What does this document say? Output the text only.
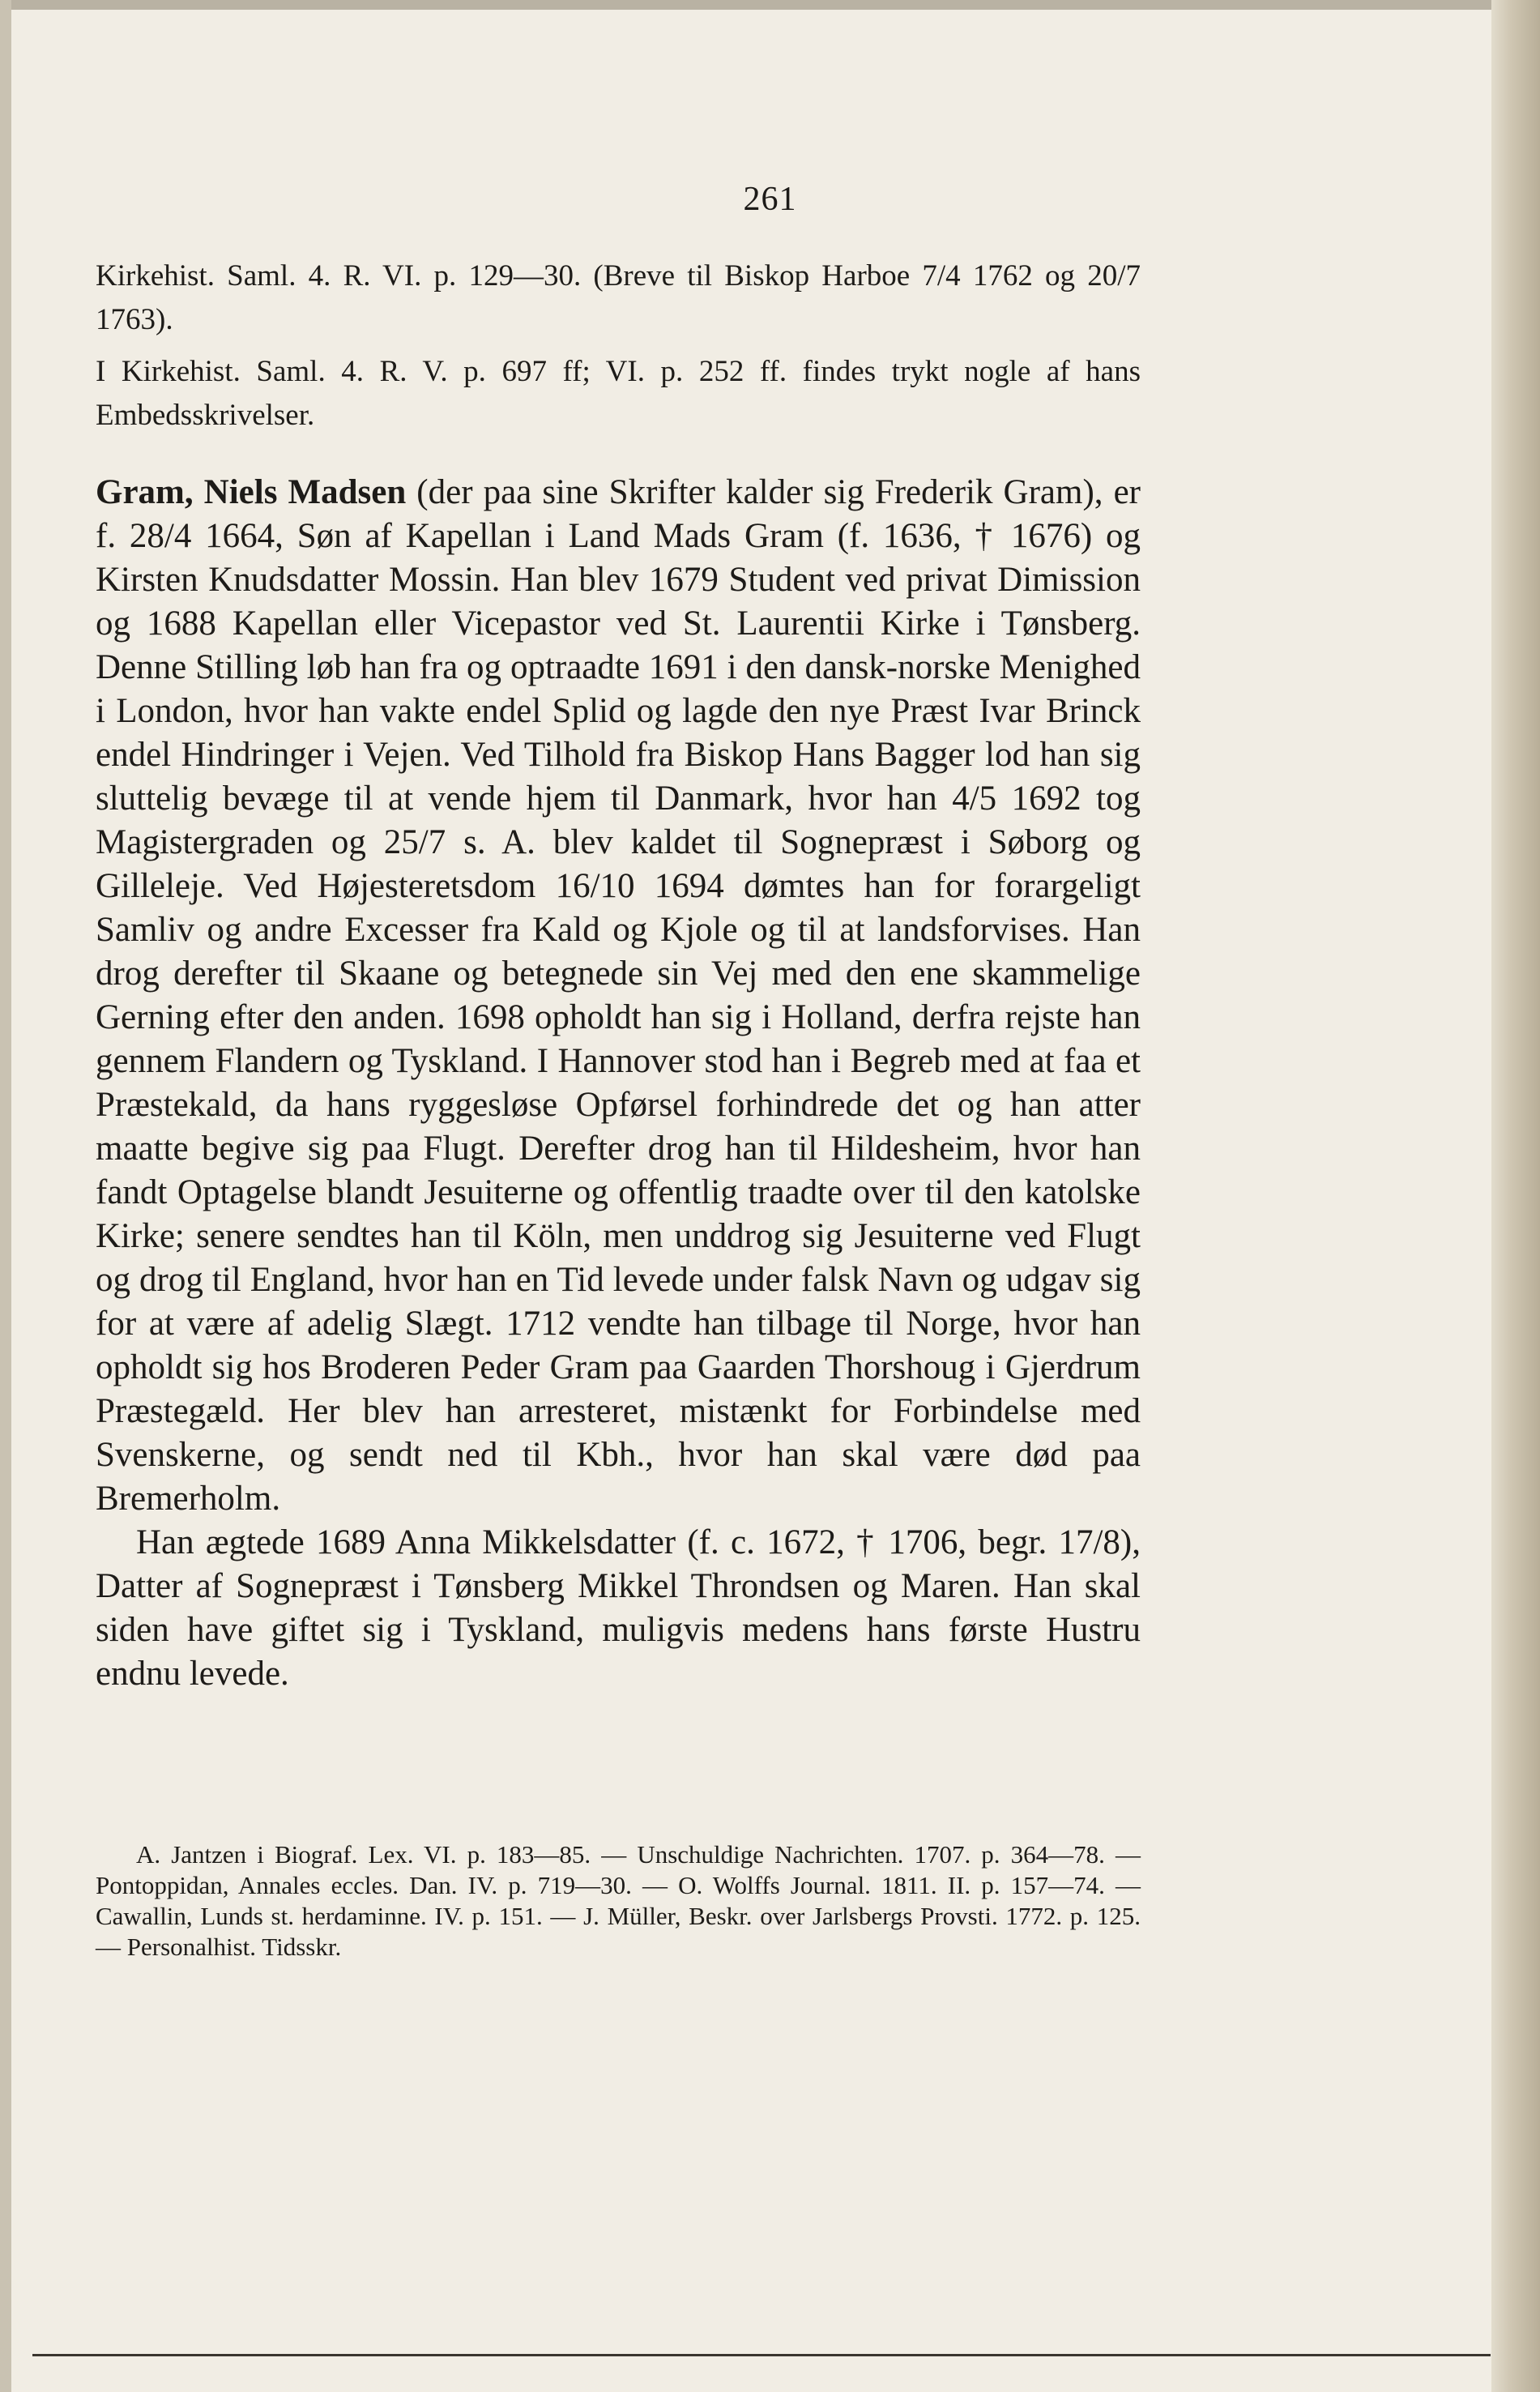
261

Kirkehist. Saml. 4. R. VI. p. 129—30. (Breve til Biskop Harboe 7/4 1762 og 20/7 1763).

I Kirkehist. Saml. 4. R. V. p. 697 ff; VI. p. 252 ff. findes trykt nogle af hans Embedsskrivelser.

Gram, Niels Madsen (der paa sine Skrifter kalder sig Frederik Gram), er f. 28/4 1664, Søn af Kapellan i Land Mads Gram (f. 1636, † 1676) og Kirsten Knudsdatter Mossin. Han blev 1679 Student ved privat Dimission og 1688 Kapellan eller Vicepastor ved St. Laurentii Kirke i Tønsberg. Denne Stilling løb han fra og optraadte 1691 i den dansk-norske Menighed i London, hvor han vakte endel Splid og lagde den nye Præst Ivar Brinck endel Hindringer i Vejen. Ved Tilhold fra Biskop Hans Bagger lod han sig sluttelig bevæge til at vende hjem til Danmark, hvor han 4/5 1692 tog Magistergraden og 25/7 s. A. blev kaldet til Sognepræst i Søborg og Gilleleje. Ved Højesteretsdom 16/10 1694 dømtes han for forargeligt Samliv og andre Excesser fra Kald og Kjole og til at landsforvises. Han drog derefter til Skaane og betegnede sin Vej med den ene skammelige Gerning efter den anden. 1698 opholdt han sig i Holland, derfra rejste han gennem Flandern og Tyskland. I Hannover stod han i Begreb med at faa et Præstekald, da hans ryggesløse Opførsel forhindrede det og han atter maatte begive sig paa Flugt. Derefter drog han til Hildesheim, hvor han fandt Optagelse blandt Jesuiterne og offentlig traadte over til den katolske Kirke; senere sendtes han til Köln, men unddrog sig Jesuiterne ved Flugt og drog til England, hvor han en Tid levede under falsk Navn og udgav sig for at være af adelig Slægt. 1712 vendte han tilbage til Norge, hvor han opholdt sig hos Broderen Peder Gram paa Gaarden Thorshoug i Gjerdrum Præstegæld. Her blev han arresteret, mistænkt for Forbindelse med Svenskerne, og sendt ned til Kbh., hvor han skal være død paa Bremerholm.

Han ægtede 1689 Anna Mikkelsdatter (f. c. 1672, † 1706, begr. 17/8), Datter af Sognepræst i Tønsberg Mikkel Throndsen og Maren. Han skal siden have giftet sig i Tyskland, muligvis medens hans første Hustru endnu levede.

A. Jantzen i Biograf. Lex. VI. p. 183—85. — Unschuldige Nachrichten. 1707. p. 364—78. — Pontoppidan, Annales eccles. Dan. IV. p. 719—30. — O. Wolffs Journal. 1811. II. p. 157—74. — Cawallin, Lunds st. herdaminne. IV. p. 151. — J. Müller, Beskr. over Jarlsbergs Provsti. 1772. p. 125. — Personalhist. Tidsskr.
